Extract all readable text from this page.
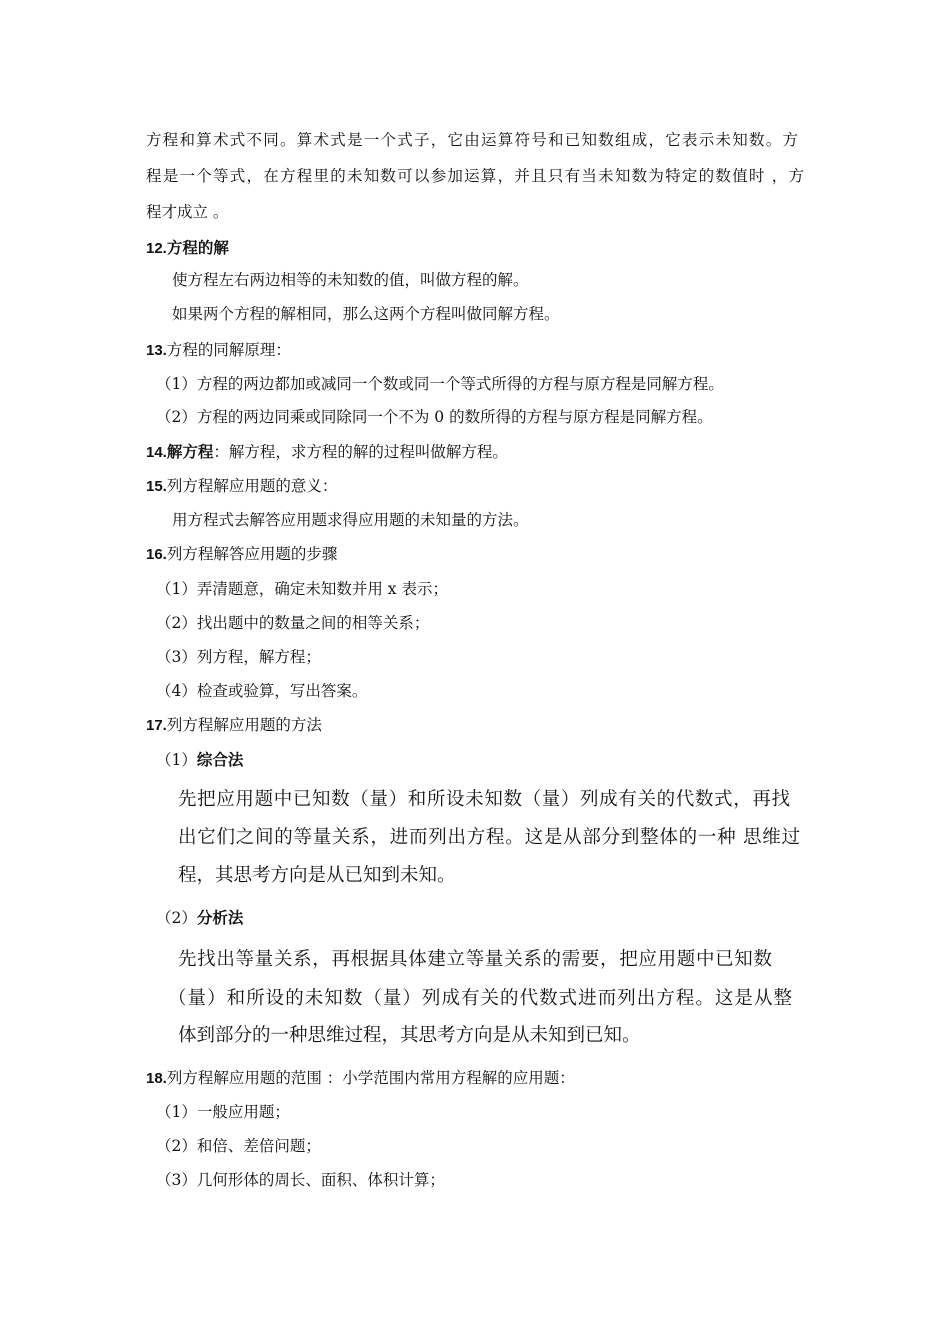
方程和算术式不同。算术式是一个式子，它由运算符号和已知数组成，它表示未知数。方
程是一个等式，在方程里的未知数可以参加运算，并且只有当未知数为特定的数值时 ，方
程才成立 。
12.方程的解
使方程左右两边相等的未知数的值，叫做方程的解。
如果两个方程的解相同，那么这两个方程叫做同解方程。
13.方程的同解原理：
（1）方程的两边都加或减同一个数或同一个等式所得的方程与原方程是同解方程。
（2）方程的两边同乘或同除同一个不为 0 的数所得的方程与原方程是同解方程。
14.解方程：解方程，求方程的解的过程叫做解方程。
15.列方程解应用题的意义：
用方程式去解答应用题求得应用题的未知量的方法。
16.列方程解答应用题的步骤
（1）弄清题意，确定未知数并用 x 表示；
（2）找出题中的数量之间的相等关系；
（3）列方程，解方程；
（4）检查或验算，写出答案。
17.列方程解应用题的方法
（1）综合法
先把应用题中已知数（量）和所设未知数（量）列成有关的代数式，再找
出它们之间的等量关系，进而列出方程。这是从部分到整体的一种 思维过
程，其思考方向是从已知到未知。
（2）分析法
先找出等量关系，再根据具体建立等量关系的需要，把应用题中已知数
（量）和所设的未知数（量）列成有关的代数式进而列出方程。这是从整
体到部分的一种思维过程，其思考方向是从未知到已知。
18.列方程解应用题的范围 ：小学范围内常用方程解的应用题：
（1）一般应用题；
（2）和倍、差倍问题；
（3）几何形体的周长、面积、体积计算；
